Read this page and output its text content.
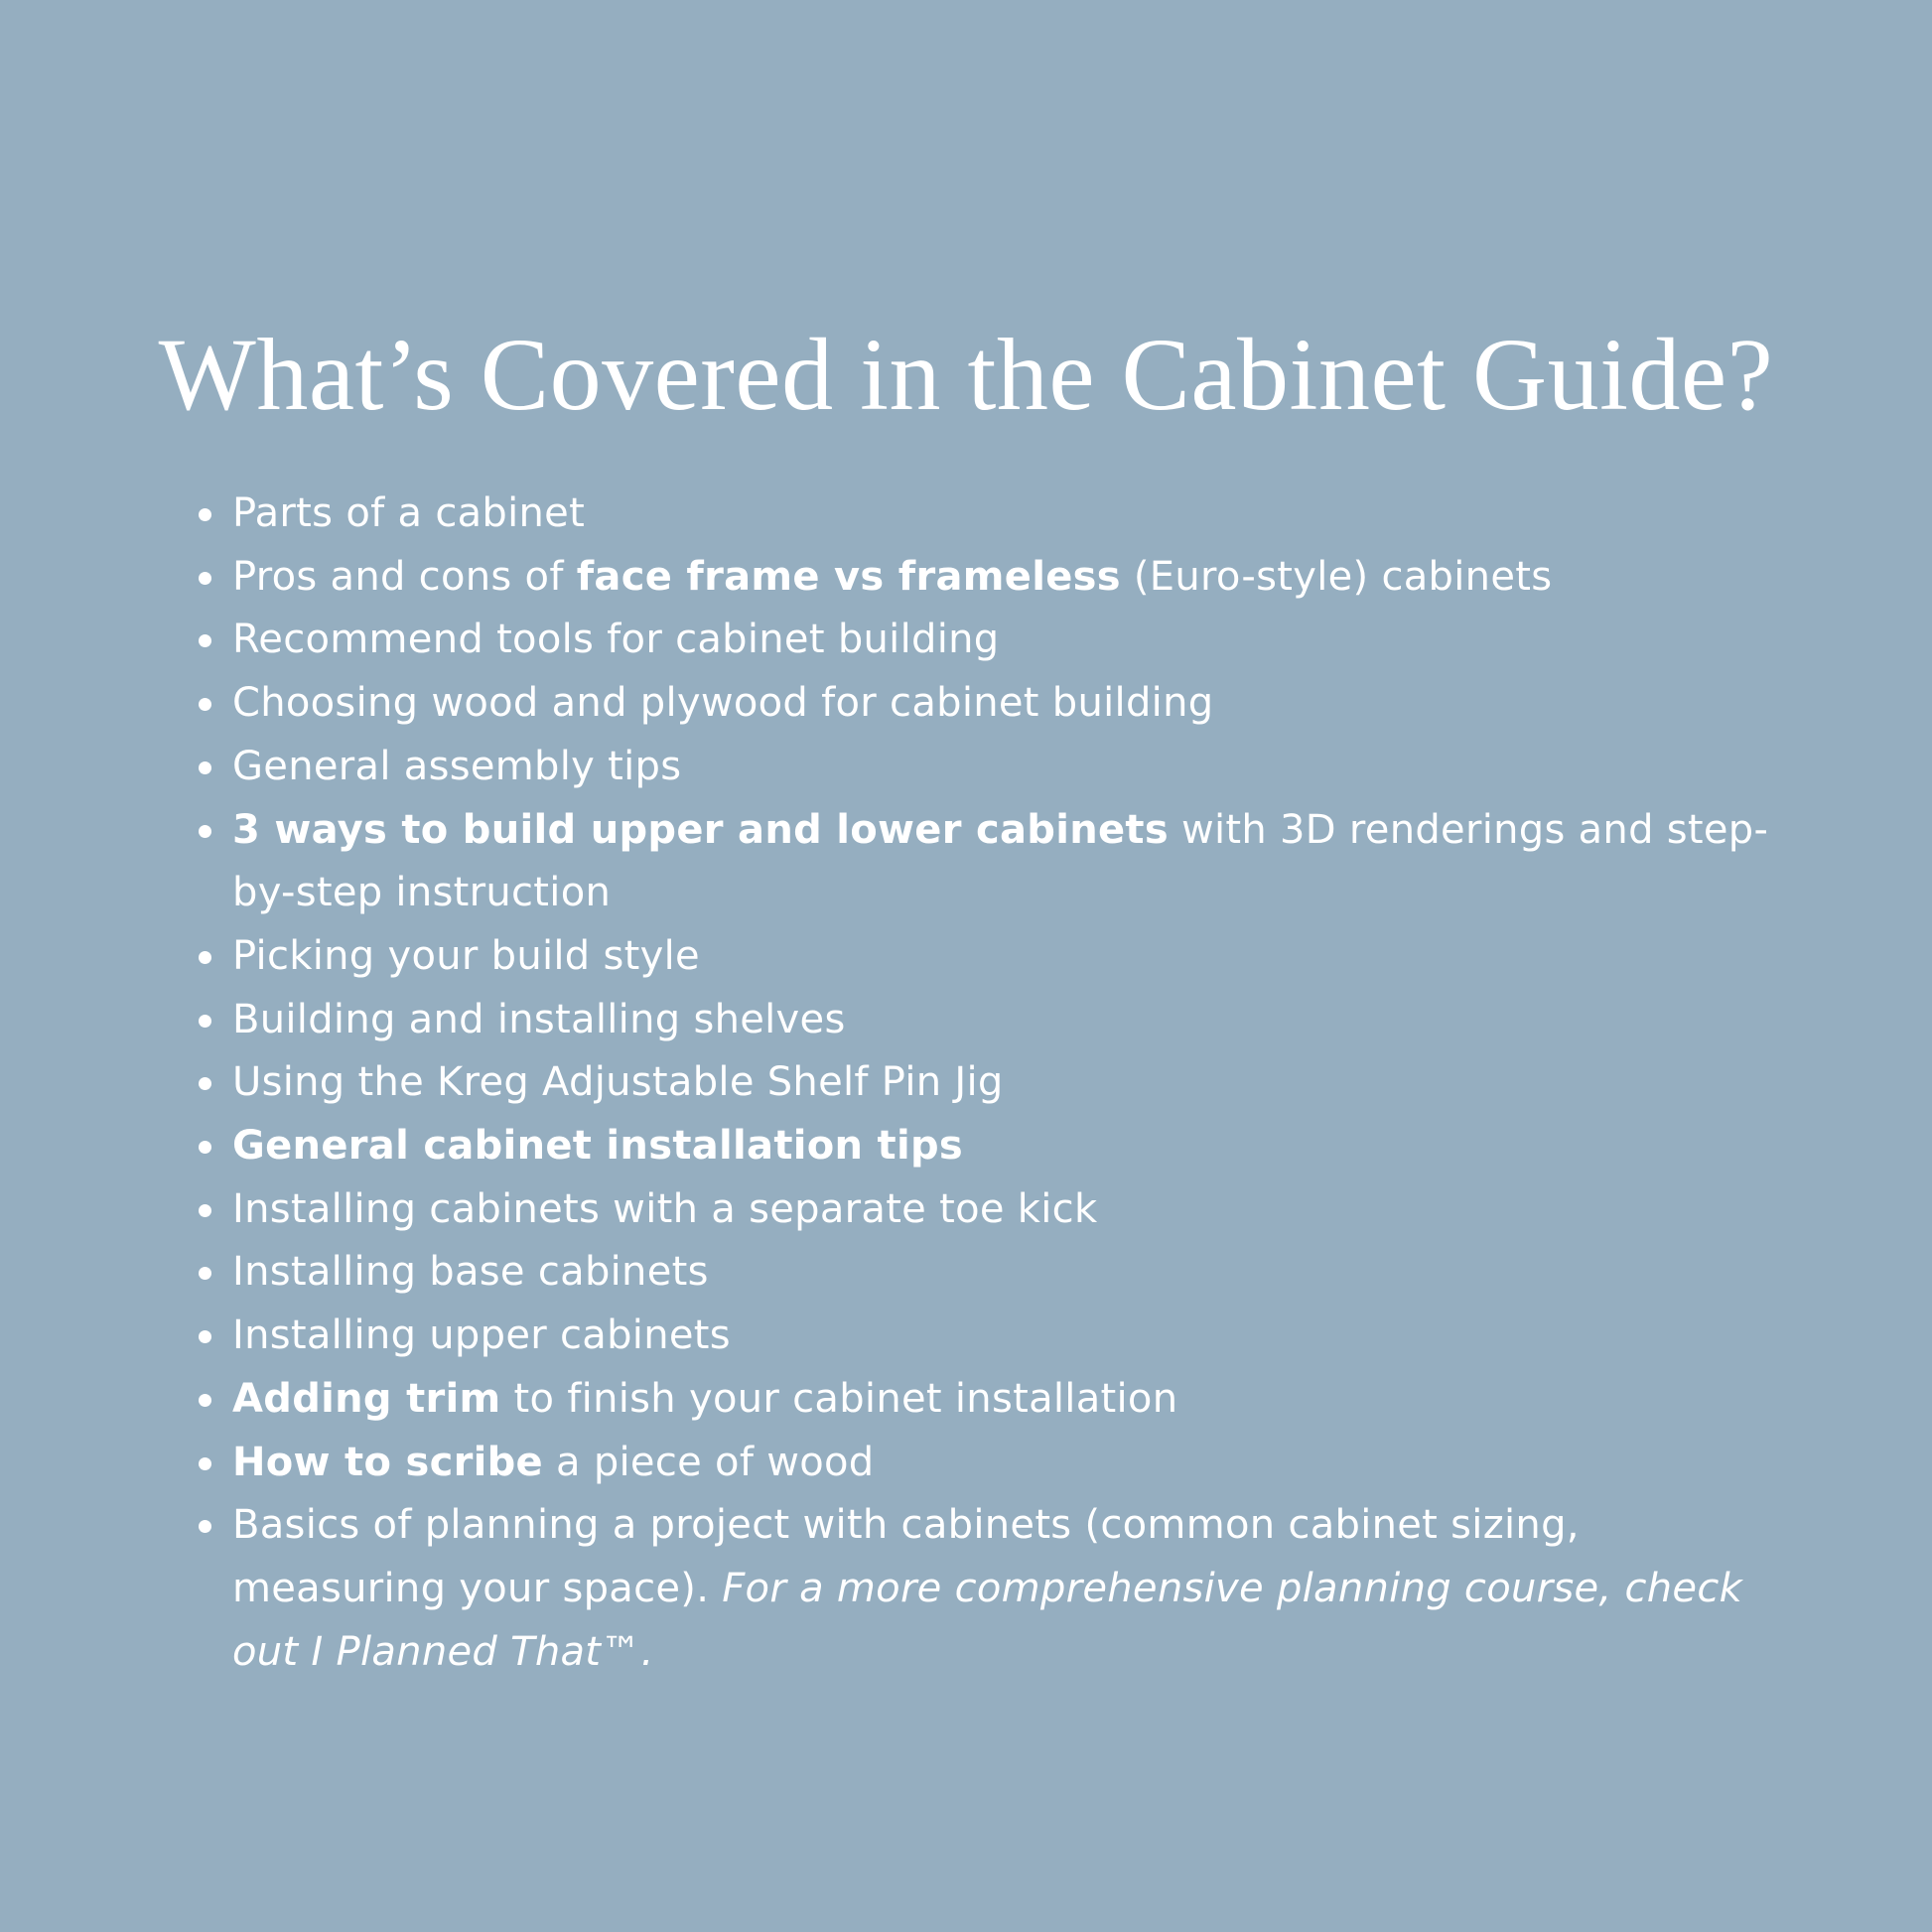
What’s Covered in the Cabinet Guide?
Parts of a cabinet
Pros and cons of face frame vs frameless (Euro-style) cabinets
Recommend tools for cabinet building
Choosing wood and plywood for cabinet building
General assembly tips
3 ways to build upper and lower cabinets with 3D renderings and step-by-step instruction
Picking your build style
Building and installing shelves
Using the Kreg Adjustable Shelf Pin Jig
General cabinet installation tips
Installing cabinets with a separate toe kick
Installing base cabinets
Installing upper cabinets
Adding trim to finish your cabinet installation
How to scribe a piece of wood
Basics of planning a project with cabinets (common cabinet sizing, measuring your space). For a more comprehensive planning course, check out I Planned That™.
